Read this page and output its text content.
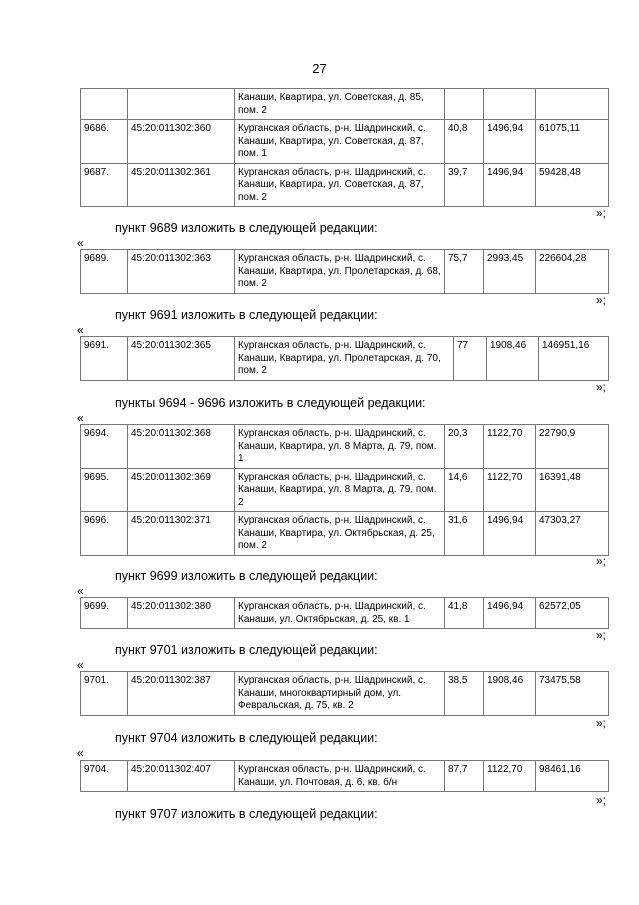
27
		Канаши, Квартира, ул. Советская, д. 85, пом. 2			
9686.	45:20:011302:360	Курганская область, р-н. Шадринский, с. Канаши, Квартира, ул. Советская, д. 87, пом. 1	40,8	1496,94	61075,11
9687.	45:20:011302:361	Курганская область, р-н. Шадринский, с. Канаши, Квартира, ул. Советская, д. 87, пом. 2	39,7	1496,94	59428,48
»;
пункт 9689 изложить в следующей редакции:
«
9689.	45:20:011302:363	Курганская область, р-н. Шадринский, с. Канаши, Квартира, ул. Пролетарская, д. 68, пом. 2	75,7	2993,45	226604,28
»;
пункт 9691 изложить в следующей редакции:
«
9691.	45:20:011302:365	Курганская область, р-н. Шадринский, с. Канаши, Квартира, ул. Пролетарская, д. 70, пом. 2	77	1908,46	146951,16
»;
пункты 9694 - 9696 изложить в следующей редакции:
«
9694.	45:20:011302:368	Курганская область, р-н. Шадринский, с. Канаши, Квартира, ул. 8 Марта, д. 79, пом. 1	20,3	1122,70	22790,9
9695.	45:20:011302:369	Курганская область, р-н. Шадринский, с. Канаши, Квартира, ул. 8 Марта, д. 79, пом. 2	14,6	1122,70	16391,48
9696.	45:20:011302:371	Курганская область, р-н. Шадринский, с. Канаши, Квартира, ул. Октябрьская, д. 25, пом. 2	31,6	1496,94	47303,27
»;
пункт 9699 изложить в следующей редакции:
«
9699.	45:20:011302:380	Курганская область, р-н. Шадринский, с. Канаши, ул. Октябрьская, д. 25, кв. 1	41,8	1496,94	62572,05
»;
пункт 9701 изложить в следующей редакции:
«
9701.	45:20:011302:387	Курганская область, р-н. Шадринский, с. Канаши, многоквартирный дом, ул. Февральская, д. 75, кв. 2	38,5	1908,46	73475,58
»;
пункт 9704 изложить в следующей редакции:
«
9704.	45:20:011302:407	Курганская область, р-н. Шадринский, с. Канаши, ул. Почтовая, д. 6, кв. б/н	87,7	1122,70	98461,16
»;
пункт 9707 изложить в следующей редакции:
